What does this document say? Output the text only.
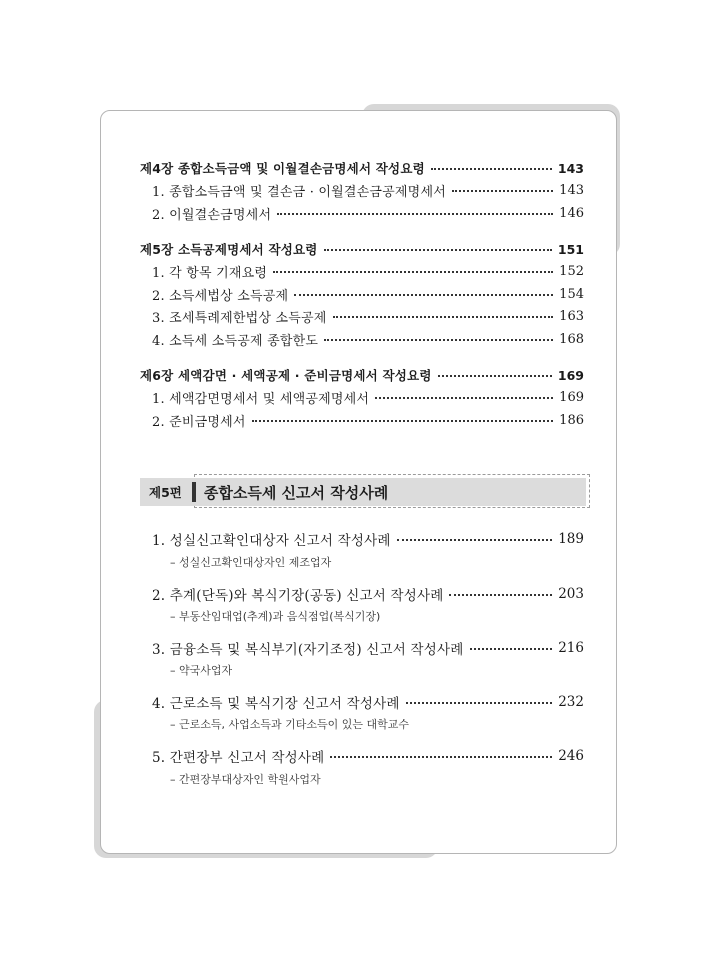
제4장 종합소득금액 및 이월결손금명세서 작성요령	143
1. 종합소득금액 및 결손금 · 이월결손금공제명세서	143
2. 이월결손금명세서	146
제5장 소득공제명세서 작성요령	151
1. 각 항목 기재요령	152
2. 소득세법상 소득공제	154
3. 조세특례제한법상 소득공제	163
4. 소득세 소득공제 종합한도	168
제6장 세액감면 · 세액공제 · 준비금명세서 작성요령	169
1. 세액감면명세서 및 세액공제명세서	169
2. 준비금명세서	186
제5편	종합소득세 신고서 작성사례
1. 성실신고확인대상자 신고서 작성사례	189
– 성실신고확인대상자인 제조업자
2. 추계(단독)와 복식기장(공동) 신고서 작성사례	203
– 부동산임대업(추계)과 음식점업(복식기장)
3. 금융소득 및 복식부기(자기조정) 신고서 작성사례	216
– 약국사업자
4. 근로소득 및 복식기장 신고서 작성사례	232
– 근로소득, 사업소득과 기타소득이 있는 대학교수
5. 간편장부 신고서 작성사례	246
– 간편장부대상자인 학원사업자
